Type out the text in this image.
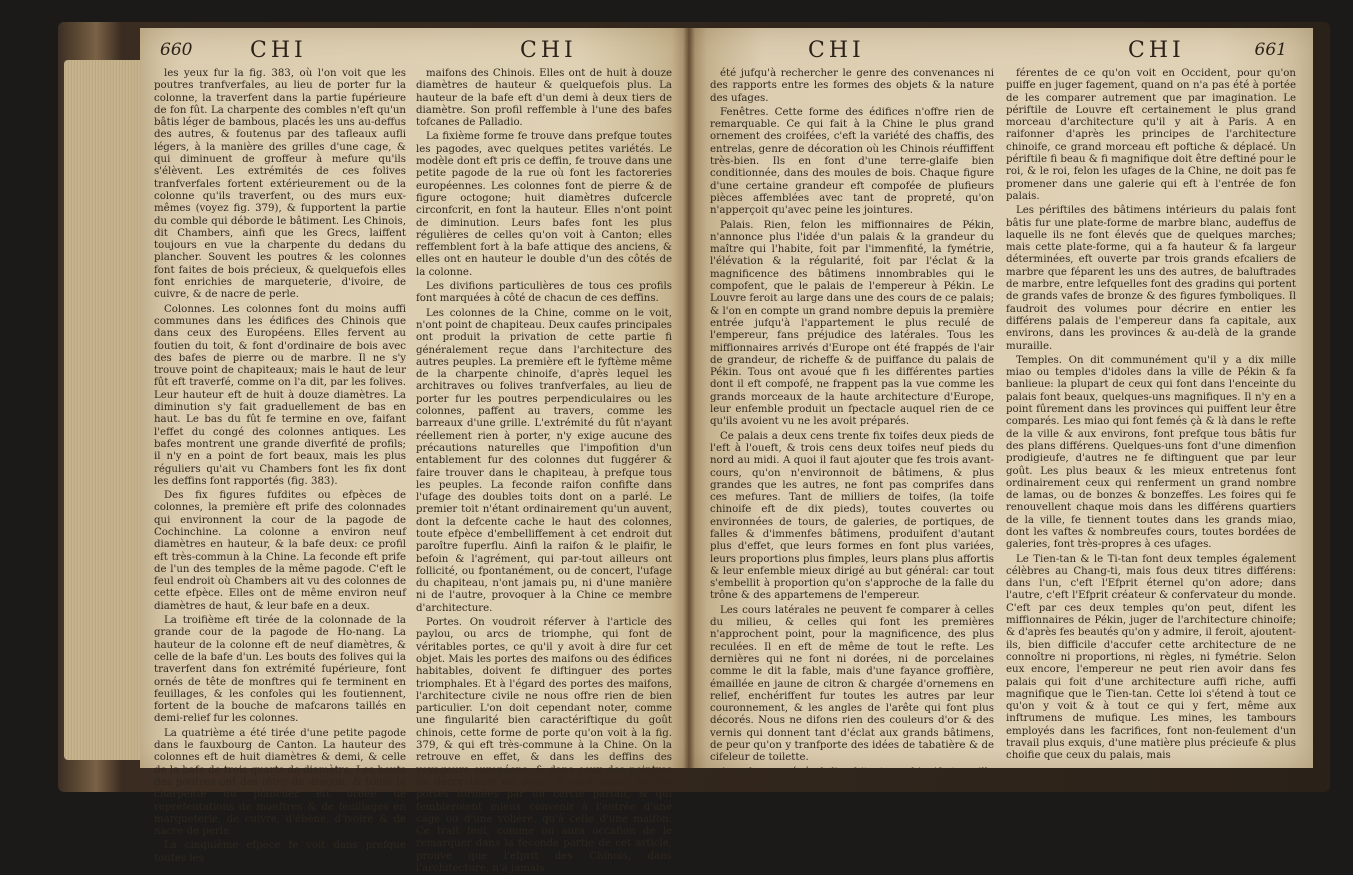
660	CHI	CHI

les yeux fur la fig. 383, où l'on voit que les poutres tranfverfales, au lieu de porter fur la colonne, la traverfent dans la partie fupérieure de fon fût. La charpente des combles n'eft qu'un bâtis léger de bambous, placés les uns au-deffus des autres, & foutenus par des tafleaux aufli légers, à la manière des grilles d'une cage, & qui diminuent de groffeur à mefure qu'ils s'élèvent. Les extrémités de ces folives tranfverfales fortent extérieurement ou de la colonne qu'ils traverfent, ou des murs eux-mêmes (voyez fig. 379), & fupportent la partie du comble qui déborde le bâtiment. Les Chinois, dit Chambers, ainfi que les Grecs, laiffent toujours en vue la charpente du dedans du plancher. Souvent les poutres & les colonnes font faites de bois précieux, & quelquefois elles font enrichies de marqueterie, d'ivoire, de cuivre, & de nacre de perle.

Colonnes. Les colonnes font du moins auffi communes dans les édifices des Chinois que dans ceux des Européens. Elles fervent au foutien du toit, & font d'ordinaire de bois avec des bafes de pierre ou de marbre. Il ne s'y trouve point de chapiteaux; mais le haut de leur fût eft traverfé, comme on l'a dit, par les folives. Leur hauteur eft de huit à douze diamètres. La diminution s'y fait graduellement de bas en haut. Le bas du fût fe termine en ove, faifant l'effet du congé des colonnes antiques. Les bafes montrent une grande diverfité de profils; il n'y en a point de fort beaux, mais les plus réguliers qu'ait vu Chambers font les fix dont les deffins font rapportés (fig. 383).

Des fix figures fufdites ou efpèces de colonnes, la première eft prife des colonnades qui environnent la cour de la pagode de Cochinchine. La colonne a environ neuf diamètres en hauteur, & la bafe deux: ce profil eft très-commun à la Chine. La feconde eft prife de l'un des temples de la même pagode. C'eft le feul endroit où Chambers ait vu des colonnes de cette efpèce. Elles ont de même environ neuf diamètres de haut, & leur bafe en a deux.

La troifième eft tirée de la colonnade de la grande cour de la pagode de Ho-nang. La hauteur de la colonne eft de neuf diamètres, & celle de la bafe d'un. Les bouts des folives qui la traverfent dans fon extrémité fupérieure, font ornés de tête de monftres qui fe terminent en feuillages, & les confoles qui les foutiennent, fortent de la bouche de mafcarons taillés en demi-relief fur les colonnes.

La quatrième a été tirée d'une petite pagode dans le fauxbourg de Canton. La hauteur des colonnes eft de huit diamètres & demi, & celle de la bafe de trois quarts de diamètre. Les bouts des poutres ont des têtes de dragon, & toute la charpente du plancher eft ornée de repréfentations de monftres & de feuillages en marqueterie, de cuivre, d'ébène, d'ivoire & de nacre de perle.

La cinquième efpèce fe voit dans prefque toutes les

maifons des Chinois. Elles ont de huit à douze diamètres de hauteur & quelquefois plus. La hauteur de la bafe eft d'un demi à deux tiers de diamètre. Son profil reffemble à l'une des bafes tofcanes de Palladio.

La fixième forme fe trouve dans prefque toutes les pagodes, avec quelques petites variétés. Le modèle dont eft pris ce deffin, fe trouve dans une petite pagode de la rue où font les factoreries européennes. Les colonnes font de pierre & de figure octogone; huit diamètres dufcercle circonfcrit, en font la hauteur. Elles n'ont point de diminution. Leurs bafes font les plus régulières de celles qu'on voit à Canton; elles reffemblent fort à la bafe attique des anciens, & elles ont en hauteur le double d'un des côtés de la colonne.

Les divifions particulières de tous ces profils font marquées à côté de chacun de ces deffins.

Les colonnes de la Chine, comme on le voit, n'ont point de chapiteau. Deux caufes principales ont produit la privation de cette partie fi généralement reçue dans l'architecture des autres peuples. La première eft le fyftème même de la charpente chinoife, d'après lequel les architraves ou folives tranfverfales, au lieu de porter fur les poutres perpendiculaires ou les colonnes, paffent au travers, comme les barreaux d'une grille. L'extrémité du fût n'ayant réellement rien à porter, n'y exige aucune des précautions naturelles que l'impofition d'un entablement fur des colonnes dut fuggérer & faire trouver dans le chapiteau, à prefque tous les peuples. La feconde raifon confifte dans l'ufage des doubles toits dont on a parlé. Le premier toit n'étant ordinairement qu'un auvent, dont la defcente cache le haut des colonnes, toute efpèce d'embelliffement à cet endroit dut paroître fuperflu. Ainfi la raifon & le plaifir, le befoin & l'agrément, qui par-tout ailleurs ont follicité, ou fpontanément, ou de concert, l'ufage du chapiteau, n'ont jamais pu, ni d'une manière ni de l'autre, provoquer à la Chine ce membre d'architecture.

Portes. On voudroit réferver à l'article des paylou, ou arcs de triomphe, qui font de véritables portes, ce qu'il y avoit à dire fur cet objet. Mais les portes des maifons ou des édifices habitables, doivent fe diftinguer des portes triomphales. Et à l'égard des portes des maifons, l'architecture civile ne nous offre rien de bien particulier. L'on doit cependant noter, comme une fingularité bien caractériftique du goût chinois, cette forme de porte qu'on voit à la fig. 379, & qui eft très-commune à la Chine. On la retrouve en effet, & dans les deffins des voyageurs européens, & dans ceux des peintres ou décorateurs du pays. Je veux parler de ces portes formées par un cercle parfait, & qui fembleroient mieux convenir à l'entrée d'une cage ou d'une volière, qu'à celle d'une maifon. Ce trait feul, comme on aura occafion de le remarquer dans la feconde partie de cet article, prouve que l'efprit des Chinois, dans l'architecture, n'a jamais

CHI	CHI	661

été jufqu'à rechercher le genre des convenances ni des rapports entre les formes des objets & la nature des ufages.

Fenêtres. Cette forme des édifices n'offre rien de remarquable. Ce qui fait à la Chine le plus grand ornement des croifées, c'eft la variété des chaffis, des entrelas, genre de décoration où les Chinois réuffiffent très-bien. Ils en font d'une terre-glaife bien conditionnée, dans des moules de bois. Chaque figure d'une certaine grandeur eft compofée de plufieurs pièces affemblées avec tant de propreté, qu'on n'apperçoit qu'avec peine les jointures.

Palais. Rien, felon les miffionnaires de Pékin, n'annonce plus l'idée d'un palais & la grandeur du maître qui l'habite, foit par l'immenfité, la fymétrie, l'élévation & la régularité, foit par l'éclat & la magnificence des bâtimens innombrables qui le compofent, que le palais de l'empereur à Pékin. Le Louvre feroit au large dans une des cours de ce palais; & l'on en compte un grand nombre depuis la première entrée jufqu'à l'appartement le plus reculé de l'empereur, fans préjudice des latérales. Tous les miffionnaires arrivés d'Europe ont été frappés de l'air de grandeur, de richeffe & de puiffance du palais de Pékin. Tous ont avoué que fi les différentes parties dont il eft compofé, ne frappent pas la vue comme les grands morceaux de la haute architecture d'Europe, leur enfemble produit un fpectacle auquel rien de ce qu'ils avoient vu ne les avoit préparés.

Ce palais a deux cens trente fix toifes deux pieds de l'eft à l'oueft, & trois cens deux toifes neuf pieds du nord au midi. A quoi il faut ajouter que fes trois avant-cours, qu'on n'environnoit de bâtimens, & plus grandes que les autres, ne font pas comprifes dans ces mefures. Tant de milliers de toifes, (la toife chinoife eft de dix pieds), toutes couvertes ou environnées de tours, de galeries, de portiques, de falles & d'immenfes bâtimens, produifent d'autant plus d'effet, que leurs formes en font plus variées, leurs proportions plus fimples, leurs plans plus affortis & leur enfemble mieux dirigé au but général: car tout s'embellit à proportion qu'on s'approche de la falle du trône & des appartemens de l'empereur.

Les cours latérales ne peuvent fe comparer à celles du milieu, & celles qui font les premières n'approchent point, pour la magnificence, des plus reculées. Il en eft de même de tout le refte. Les dernières qui ne font ni dorées, ni de porcelaines comme le dit la fable, mais d'une fayance groffière, émaillée en jaune de citron & chargée d'ornemens en relief, enchériffent fur toutes les autres par leur couronnement, & les angles de l'arête qui font plus décorés. Nous ne difons rien des couleurs d'or & des vernis qui donnent tant d'éclat aux grands bâtimens, de peur qu'on y tranfporte des idées de tabatière & de cifeleur de toilette.

A parler en général, l'architecture chinoife travaille fur des plans & fur des penfées trop dif-

férentes de ce qu'on voit en Occident, pour qu'on puiffe en juger fagement, quand on n'a pas été à portée de les comparer autrement que par imagination. Le périftile de Louvre eft certainement le plus grand morceau d'architecture qu'il y ait à Paris. A en raifonner d'après les principes de l'architecture chinoife, ce grand morceau eft poftiche & déplacé. Un périftile fi beau & fi magnifique doit être deftiné pour le roi, & le roi, felon les ufages de la Chine, ne doit pas fe promener dans une galerie qui eft à l'entrée de fon palais.

Les périftiles des bâtimens intérieurs du palais font bâtis fur une plate-forme de marbre blanc, audeffus de laquelle ils ne font élevés que de quelques marches; mais cette plate-forme, qui a fa hauteur & fa largeur déterminées, eft ouverte par trois grands efcaliers de marbre que féparent les uns des autres, de baluftrades de marbre, entre lefquelles font des gradins qui portent de grands vafes de bronze & des figures fymboliques. Il faudroit des volumes pour décrire en entier les différens palais de l'empereur dans fa capitale, aux environs, dans les provinces & au-delà de la grande muraille.

Temples. On dit communément qu'il y a dix mille miao ou temples d'idoles dans la ville de Pékin & fa banlieue: la plupart de ceux qui font dans l'enceinte du palais font beaux, quelques-uns magnifiques. Il n'y en a point fûrement dans les provinces qui puiffent leur être comparés. Les miao qui font femés çà & là dans le refte de la ville & aux environs, font prefque tous bâtis fur des plans différens. Quelques-uns font d'une dimenfion prodigieufe, d'autres ne fe diftinguent que par leur goût. Les plus beaux & les mieux entretenus font ordinairement ceux qui renferment un grand nombre de lamas, ou de bonzes & bonzeffes. Les foires qui fe renouvellent chaque mois dans les différens quartiers de la ville, fe tiennent toutes dans les grands miao, dont les vaftes & nombreufes cours, toutes bordées de galeries, font très-propres à ces ufages.

Le Tien-tan & le Ti-tan font deux temples également célèbres au Chang-ti, mais fous deux titres différens: dans l'un, c'eft l'Efprit éternel qu'on adore; dans l'autre, c'eft l'Efprit créateur & confervateur du monde. C'eft par ces deux temples qu'on peut, difent les miffionnaires de Pékin, juger de l'architecture chinoife; & d'après fes beautés qu'on y admire, il feroit, ajoutent-ils, bien difficile d'accufer cette architecture de ne connoître ni proportions, ni règles, ni fymétrie. Selon eux encore, l'empereur ne peut rien avoir dans fes palais qui foit d'une architecture auffi riche, auffi magnifique que le Tien-tan. Cette loi s'étend à tout ce qu'on y voit & à tout ce qui y fert, même aux inftrumens de mufique. Les mines, les tambours employés dans les facrifices, font non-feulement d'un travail plus exquis, d'une matière plus précieufe & plus choifie que ceux du palais, mais
